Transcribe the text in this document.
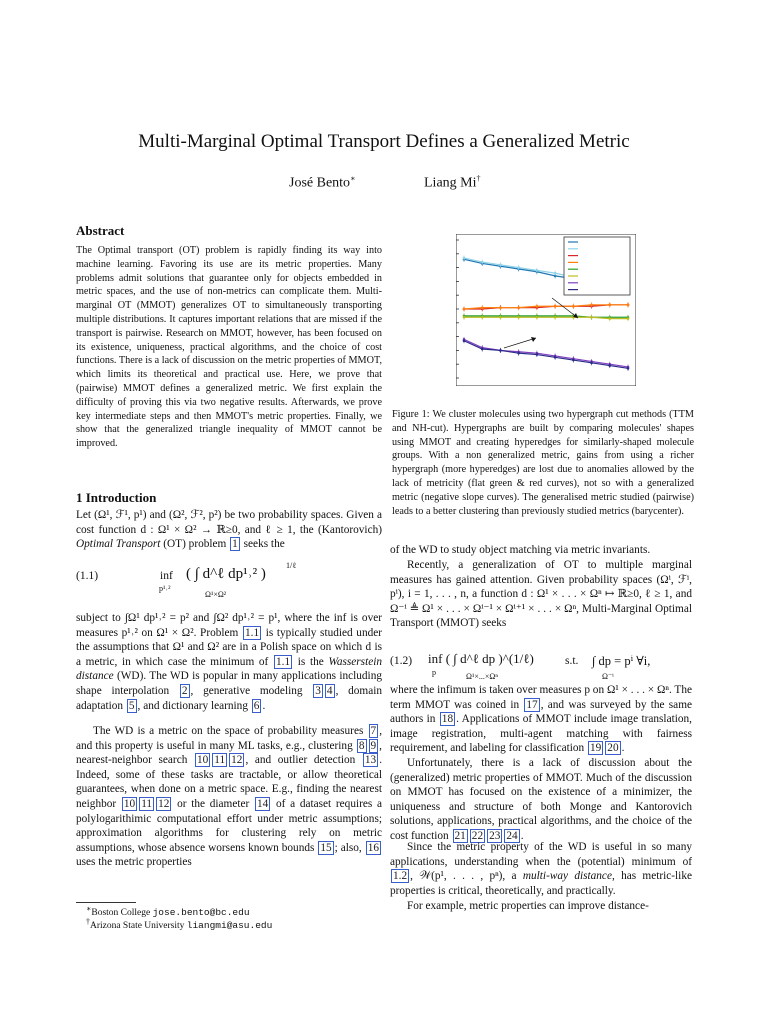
Multi-Marginal Optimal Transport Defines a Generalized Metric
José Bento∗	Liang Mi†
Abstract
The Optimal transport (OT) problem is rapidly finding its way into machine learning. Favoring its use are its metric properties. Many problems admit solutions that guarantee only for objects embedded in metric spaces, and the use of non-metrics can complicate them. Multi-marginal OT (MMOT) generalizes OT to simultaneously transporting multiple distributions. It captures important relations that are missed if the transport is pairwise. Research on MMOT, however, has been focused on its existence, uniqueness, practical algorithms, and the choice of cost functions. There is a lack of discussion on the metric properties of MMOT, which limits its theoretical and practical use. Here, we prove that (pairwise) MMOT defines a generalized metric. We first explain the difficulty of proving this via two negative results. Afterwards, we prove key intermediate steps and then MMOT's metric properties. Finally, we show that the generalized triangle inequality of MMOT cannot be improved.
1 Introduction
Let (Ω¹, ℱ¹, p¹) and (Ω², ℱ², p²) be two probability spaces. Given a cost function d : Ω¹ × Ω² → ℝ≥0, and ℓ ≥ 1, the (Kantorovich) Optimal Transport (OT) problem 1 seeks the
(1.1)	inf
p¹˒²
( ∫ d^ℓ dp¹˒² )
Ω¹×Ω²
1/ℓ
subject to ∫Ω¹ dp¹˒² = p² and ∫Ω² dp¹˒² = p¹, where the inf is over measures p¹˒² on Ω¹ × Ω². Problem 1.1 is typically studied under the assumptions that Ω¹ and Ω² are in a Polish space on which d is a metric, in which case the minimum of 1.1 is the Wasserstein distance (WD). The WD is popular in many applications including shape interpolation 2 , generative modeling 3 4 , domain adaptation 5 , and dictionary learning 6 .
The WD is a metric on the space of probability measures 7 , and this property is useful in many ML tasks, e.g., clustering 8 9 , nearest-neighbor search 10 11 12 , and outlier detection 13 . Indeed, some of these tasks are tractable, or allow theoretical guarantees, when done on a metric space. E.g., finding the nearest neighbor 10 11 12 or the diameter 14 of a dataset requires a polylogarithimic computational effort under metric assumptions; approximation algorithms for clustering rely on metric assumptions, whose absence worsens known bounds 15 ; also, 16 uses the metric properties
∗Boston College jose.bento@bc.edu
†Arizona State University liangmi@asu.edu
Figure 1: We cluster molecules using two hypergraph cut methods (TTM and NH-cut). Hypergraphs are built by comparing molecules' shapes using MMOT and creating hyperedges for similarly-shaped molecule groups. With a non generalized metric, gains from using a richer hypergraph (more hyperedges) are lost due to anomalies allowed by the lack of metricity (flat green & red curves), not so with a generalized metric (negative slope curves). The generalised metric studied (pairwise) leads to a better clustering than previously studied metrics (barycenter).
of the WD to study object matching via metric invariants.
Recently, a generalization of OT to multiple marginal measures has gained attention. Given probability spaces (Ωⁱ, ℱⁱ, pⁱ), i = 1, . . . , n, a function d : Ω¹ × . . . × Ωⁿ ↦ ℝ≥0, ℓ ≥ 1, and Ω⁻ⁱ ≜ Ω¹ × . . . × Ωⁱ⁻¹ × Ωⁱ⁺¹ × . . . × Ωⁿ, Multi-Marginal Optimal Transport (MMOT) seeks
(1.2) inf ( ∫ d^ℓ dp )^(1/ℓ)
p	Ω¹×...×Ωⁿ
s.t. ∫ dp = pⁱ ∀i,
Ω⁻ⁱ
where the infimum is taken over measures p on Ω¹ × . . . × Ωⁿ. The term MMOT was coined in 17 , and was surveyed by the same authors in 18 . Applications of MMOT include image translation, image registration, multi-agent matching with fairness requirement, and labeling for classification 19 20 .
Unfortunately, there is a lack of discussion about the (generalized) metric properties of MMOT. Much of the discussion on MMOT has focused on the existence of a minimizer, the uniqueness and structure of both Monge and Kantorovich solutions, applications, practical algorithms, and the choice of the cost function 21 22 23 24 .
Since the metric property of the WD is useful in so many applications, understanding when the (potential) minimum of 1.2 , 𝒲(p¹, . . . , pⁿ), a multi-way distance, has metric-like properties is critical, theoretically, and practically.
For example, metric properties can improve distance-
